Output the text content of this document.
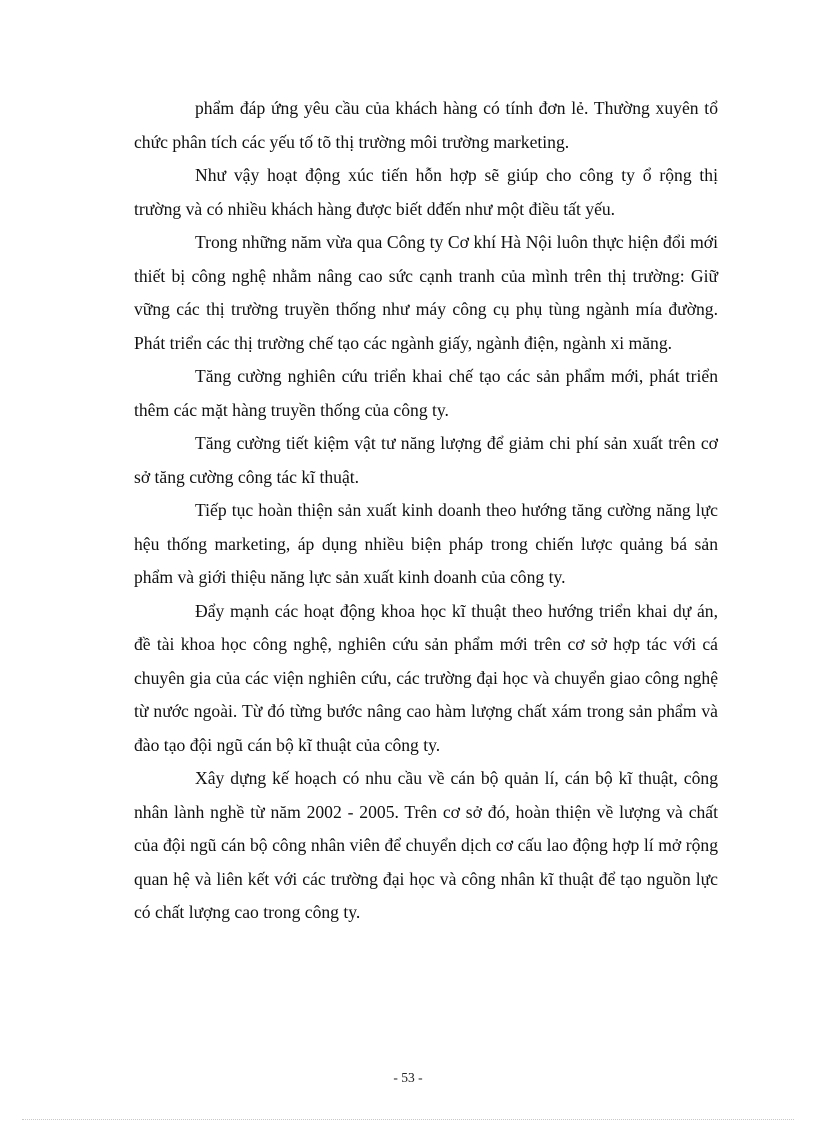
phẩm đáp ứng yêu cầu của khách hàng có tính đơn lẻ. Thường xuyên tổ chức phân tích các yếu tố tõ thị trường môi trường marketing.

Như vậy hoạt động xúc tiến hỗn hợp sẽ giúp cho công ty ổ rộng thị trường và có nhiều khách hàng được biết dđến như một điều tất yếu.

Trong những năm vừa qua Công ty Cơ khí Hà Nội luôn thực hiện đổi mới thiết bị công nghệ nhằm nâng cao sức cạnh tranh của mình trên thị trường: Giữ vững các thị trường truyền thống như máy công cụ phụ tùng ngành mía đường. Phát triển các thị trường chế tạo các ngành giấy, ngành điện, ngành xi măng.

Tăng cường nghiên cứu triển khai chế tạo các sản phẩm mới, phát triển thêm các mặt hàng truyền thống của công ty.

Tăng cường tiết kiệm vật tư năng lượng để giảm chi phí sản xuất trên cơ sở tăng cường công tác kĩ thuật.

Tiếp tục hoàn thiện sản xuất kinh doanh theo hướng tăng cường năng lực hệu thống marketing, áp dụng nhiều biện pháp trong chiến lược quảng bá sản phẩm và giới thiệu năng lực sản xuất kinh doanh của công ty.

Đẩy mạnh các hoạt động khoa học kĩ thuật theo hướng triển khai dự án, đề tài khoa học công nghệ, nghiên cứu sản phẩm mới trên cơ sở hợp tác với cá chuyên gia của các viện nghiên cứu, các trường đại học và chuyển giao công nghệ từ nước ngoài. Từ đó từng bước nâng cao hàm lượng chất xám trong sản phẩm và đào tạo đội ngũ cán bộ kĩ thuật của công ty.

Xây dựng kế hoạch có nhu cầu về cán bộ quản lí, cán bộ kĩ thuật, công nhân lành nghề từ năm 2002 - 2005. Trên cơ sở đó, hoàn thiện về lượng và chất của đội ngũ cán bộ công nhân viên để chuyển dịch cơ cấu lao động hợp lí mở rộng quan hệ và liên kết với các trường đại học và công nhân kĩ thuật để tạo nguồn lực có chất lượng cao trong công ty.

- 53 -
